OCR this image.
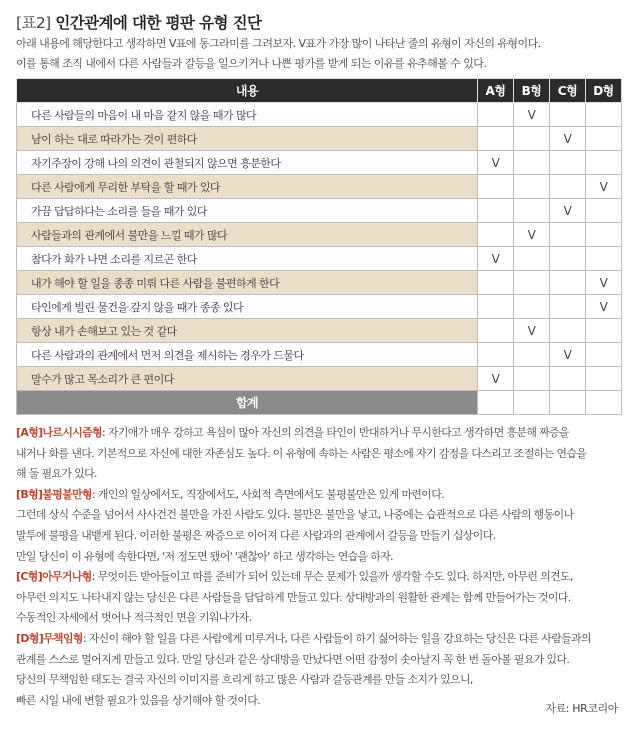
[표2] 인간관계에 대한 평판 유형 진단
아래 내용에 해당한다고 생각하면 V표에 동그라미를 그려보자. V표가 가장 많이 나타난 줄의 유형이 자신의 유형이다.
이를 통해 조직 내에서 다른 사람들과 갈등을 일으키거나 나쁜 평가를 받게 되는 이유를 유추해볼 수 있다.
내용	A형	B형	C형	D형
다른 사람들의 마음이 내 마음 같지 않을 때가 많다		V		
남이 하는 대로 따라가는 것이 편하다			V	
자기주장이 강해 나의 의견이 관철되지 않으면 흥분한다	V			
다른 사람에게 무리한 부탁을 할 때가 있다				V
가끔 답답하다는 소리를 들을 때가 있다			V	
사람들과의 관계에서 불만을 느낄 때가 많다		V		
참다가 화가 나면 소리를 지르곤 한다	V			
내가 해야 할 일을 종종 미뤄 다른 사람을 불편하게 한다				V
타인에게 빌린 물건을 갚지 않을 때가 종종 있다				V
항상 내가 손해보고 있는 것 같다		V		
다른 사람과의 관계에서 먼저 의견을 제시하는 경우가 드물다			V	
말수가 많고 목소리가 큰 편이다	V			
합계				
[A형]나르시시즘형: 자기애가 매우 강하고 욕심이 많아 자신의 의견을 타인이 반대하거나 무시한다고 생각하면 흥분해 짜증을
내거나 화를 낸다. 기본적으로 자신에 대한 자존심도 높다. 이 유형에 속하는 사람은 평소에 자기 감정을 다스리고 조절하는 연습을
해 둘 필요가 있다.
[B형]불평불만형: 개인의 일상에서도, 직장에서도, 사회적 측면에서도 불평불만은 있게 마련이다.
그런데 상식 수준을 넘어서 사사건건 불만을 가진 사람도 있다. 불만은 불만을 낳고, 나중에는 습관적으로 다른 사람의 행동이나
말투에 불평을 내뱉게 된다. 이러한 불평은 짜증으로 이어져 다른 사람과의 관계에서 갈등을 만들기 십상이다.
만일 당신이 이 유형에 속한다면, '저 정도면 됐어' '괜찮아' 하고 생각하는 연습을 하자.
[C형]아무거나형: 무엇이든 받아들이고 따를 준비가 되어 있는데 무슨 문제가 있을까 생각할 수도 있다. 하지만, 아무런 의견도,
아무런 의지도 나타내지 않는 당신은 다른 사람들을 답답하게 만들고 있다. 상대방과의 원활한 관계는 함께 만들어가는 것이다.
수동적인 자세에서 벗어나 적극적인 면을 키워나가자.
[D형]무책임형: 자신이 해야 할 일을 다른 사람에게 미루거나, 다른 사람들이 하기 싫어하는 일을 강요하는 당신은 다른 사람들과의
관계를 스스로 멀어지게 만들고 있다. 만일 당신과 같은 상대방을 만났다면 어떤 감정이 솟아날지 꼭 한 번 돌아볼 필요가 있다.
당신의 무책임한 태도는 결국 자신의 이미지를 흐리게 하고 많은 사람과 갈등관계를 만들 소지가 있으니,
빠른 시일 내에 변할 필요가 있음을 상기해야 할 것이다.
자료: HR코리아
